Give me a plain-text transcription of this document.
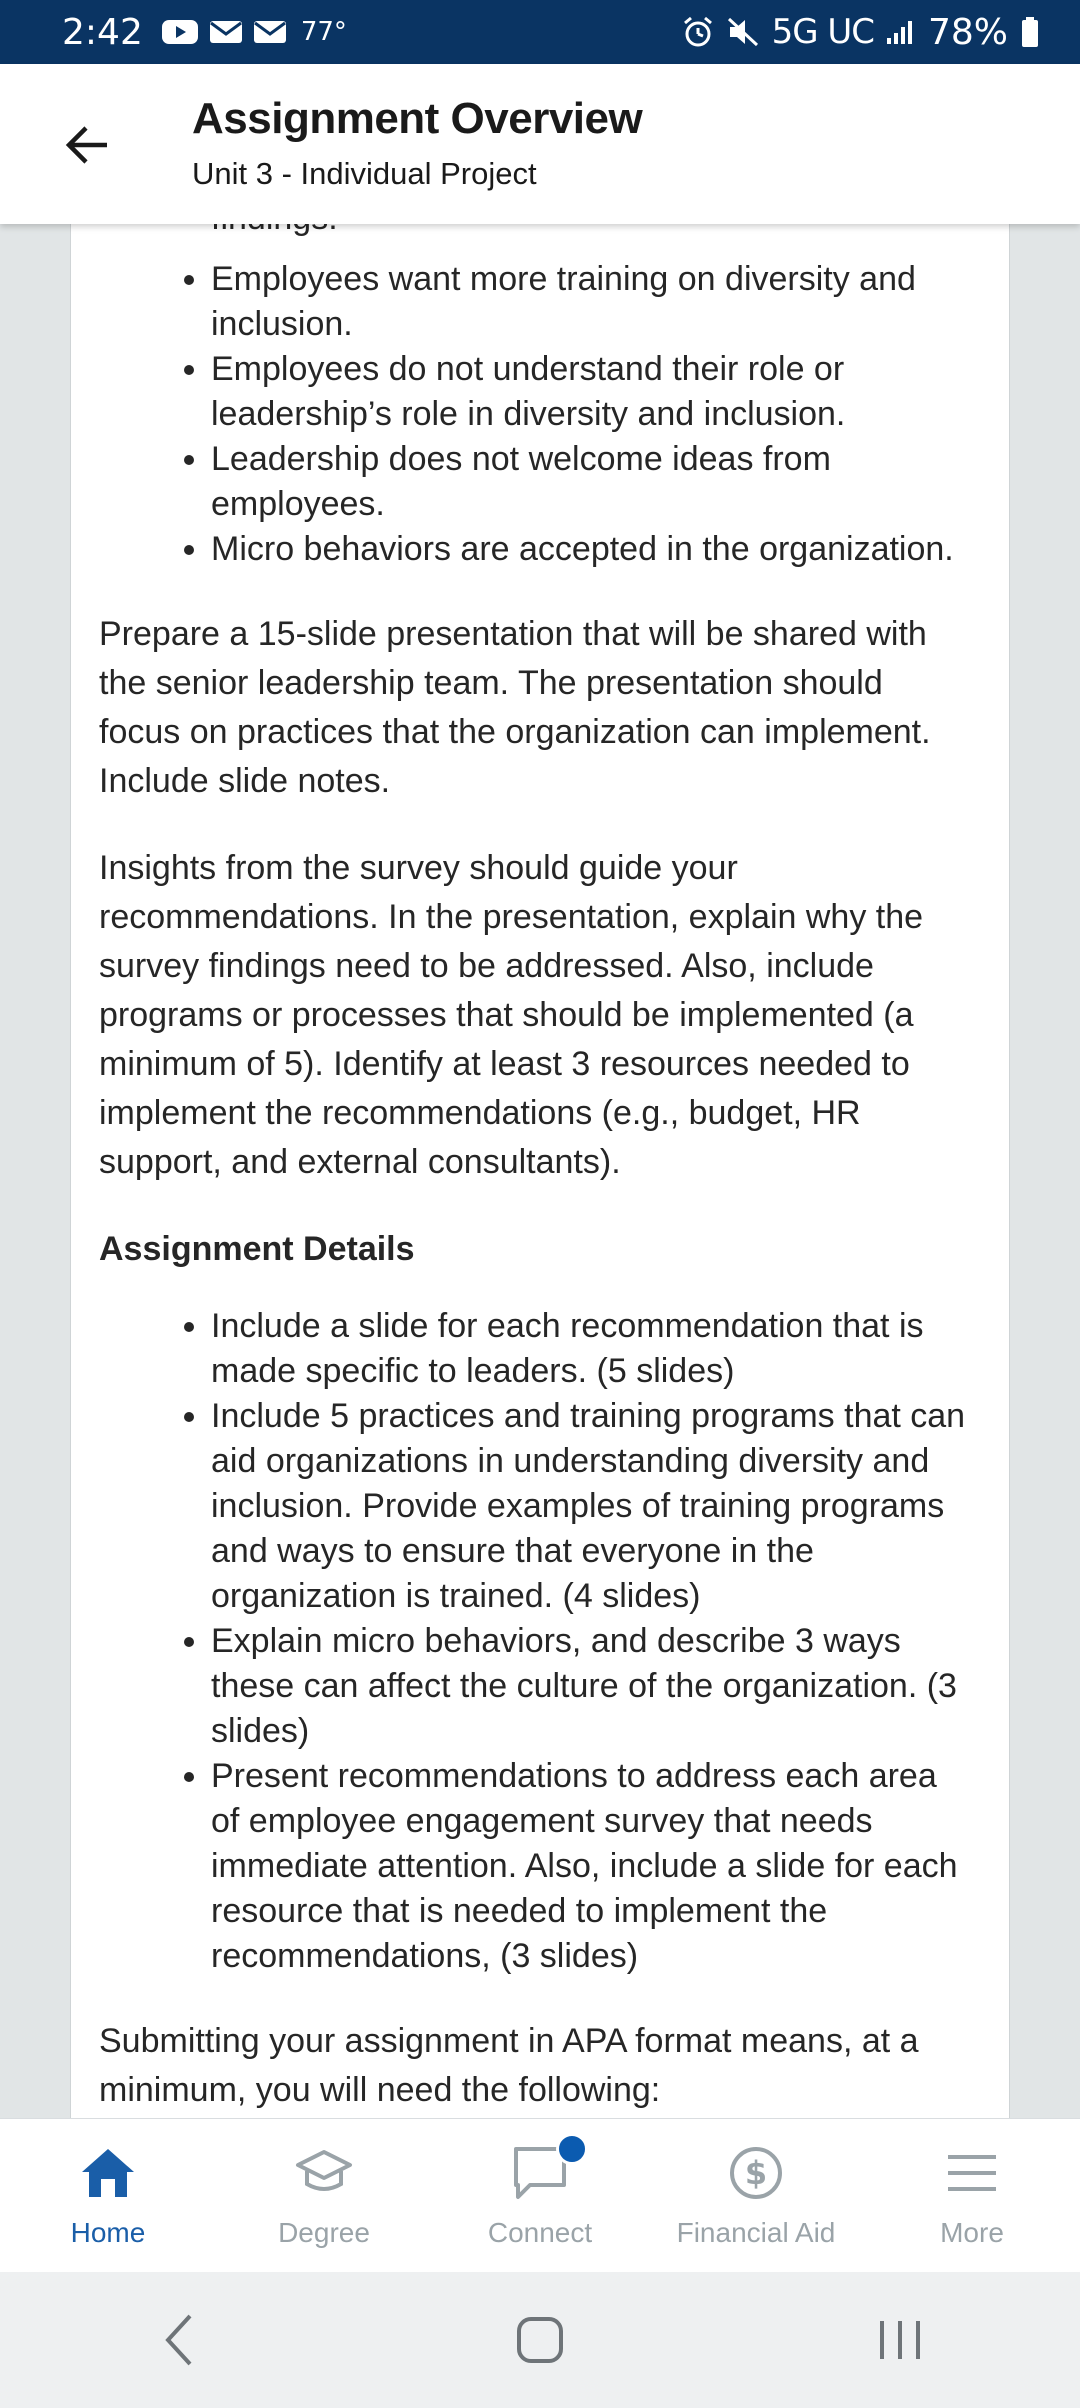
2:42	77°	5G UC 78%
Assignment Overview
Unit 3 - Individual Project
• Employees want more training on diversity and inclusion.
• Employees do not understand their role or leadership’s role in diversity and inclusion.
• Leadership does not welcome ideas from employees.
• Micro behaviors are accepted in the organization.

Prepare a 15-slide presentation that will be shared with the senior leadership team. The presentation should focus on practices that the organization can implement. Include slide notes.

Insights from the survey should guide your recommendations. In the presentation, explain why the survey findings need to be addressed. Also, include programs or processes that should be implemented (a minimum of 5). Identify at least 3 resources needed to implement the recommendations (e.g., budget, HR support, and external consultants).

Assignment Details

• Include a slide for each recommendation that is made specific to leaders. (5 slides)
• Include 5 practices and training programs that can aid organizations in understanding diversity and inclusion. Provide examples of training programs and ways to ensure that everyone in the organization is trained. (4 slides)
• Explain micro behaviors, and describe 3 ways these can affect the culture of the organization. (3 slides)
• Present recommendations to address each area of employee engagement survey that needs immediate attention. Also, include a slide for each resource that is needed to implement the recommendations, (3 slides)

Submitting your assignment in APA format means, at a minimum, you will need the following:

Home	Degree	Connect
$
Financial Aid	More
